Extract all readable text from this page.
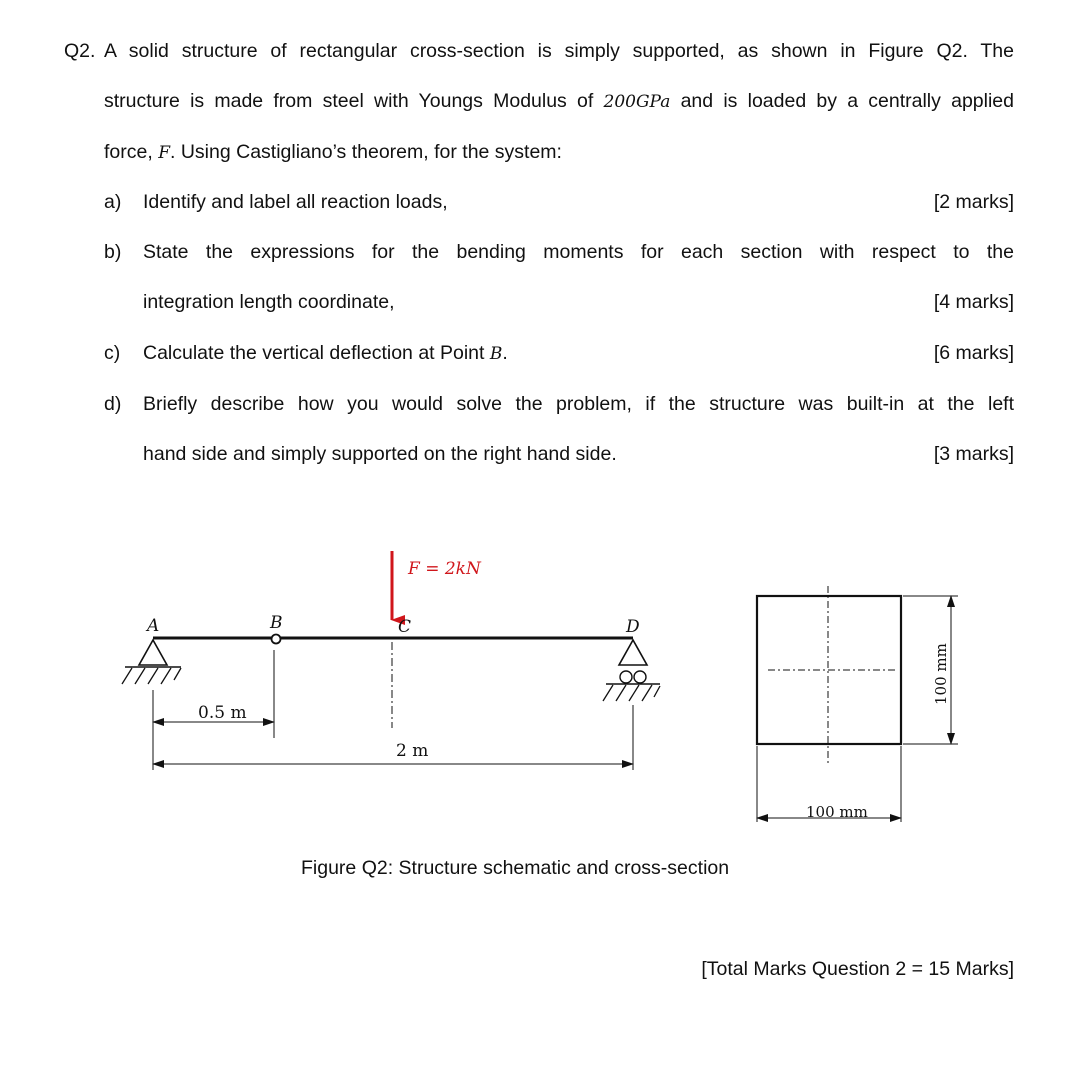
Q2. A solid structure of rectangular cross-section is simply supported, as shown in Figure Q2. The
structure is made from steel with Youngs Modulus of 200GPa and is loaded by a centrally applied
force, F. Using Castigliano’s theorem, for the system:
a) Identify and label all reaction loads,	[2 marks]
b) State the expressions for the bending moments for each section with respect to the
integration length coordinate,	[4 marks]
c) Calculate the vertical deflection at Point B.	[6 marks]
d) Briefly describe how you would solve the problem, if the structure was built-in at the left
hand side and simply supported on the right hand side.	[3 marks]
F = 2kN
A	B	C	D
0.5 m
2 m
100 mm
100 mm
Figure Q2: Structure schematic and cross-section
[Total Marks Question 2 = 15 Marks]
